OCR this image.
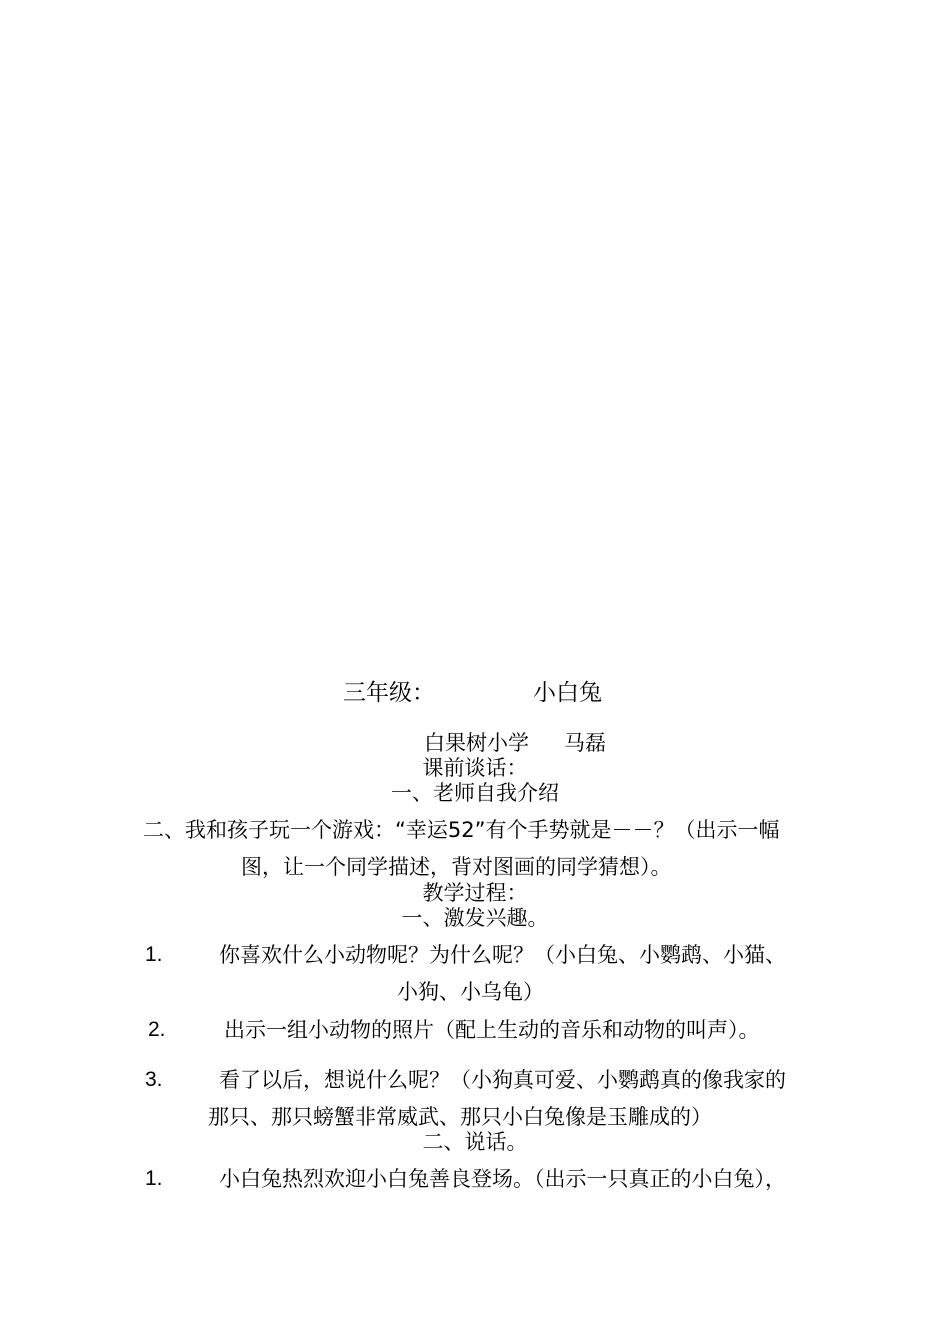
三年级：	小白兔
白果树小学 马磊
课前谈话：
一、老师自我介绍
二、我和孩子玩一个游戏：“幸运52”有个手势就是－－？（出示一幅
图，让一个同学描述，背对图画的同学猜想）。
教学过程：
一、激发兴趣。
1.	你喜欢什么小动物呢？为什么呢？（小白兔、小鹦鹉、小猫、
小狗、小乌龟）
2.	出示一组小动物的照片（配上生动的音乐和动物的叫声）。
3.	看了以后，想说什么呢？（小狗真可爱、小鹦鹉真的像我家的
那只、那只螃蟹非常威武、那只小白兔像是玉雕成的）
二、说话。
1.	小白兔热烈欢迎小白兔善良登场。（出示一只真正的小白兔），
